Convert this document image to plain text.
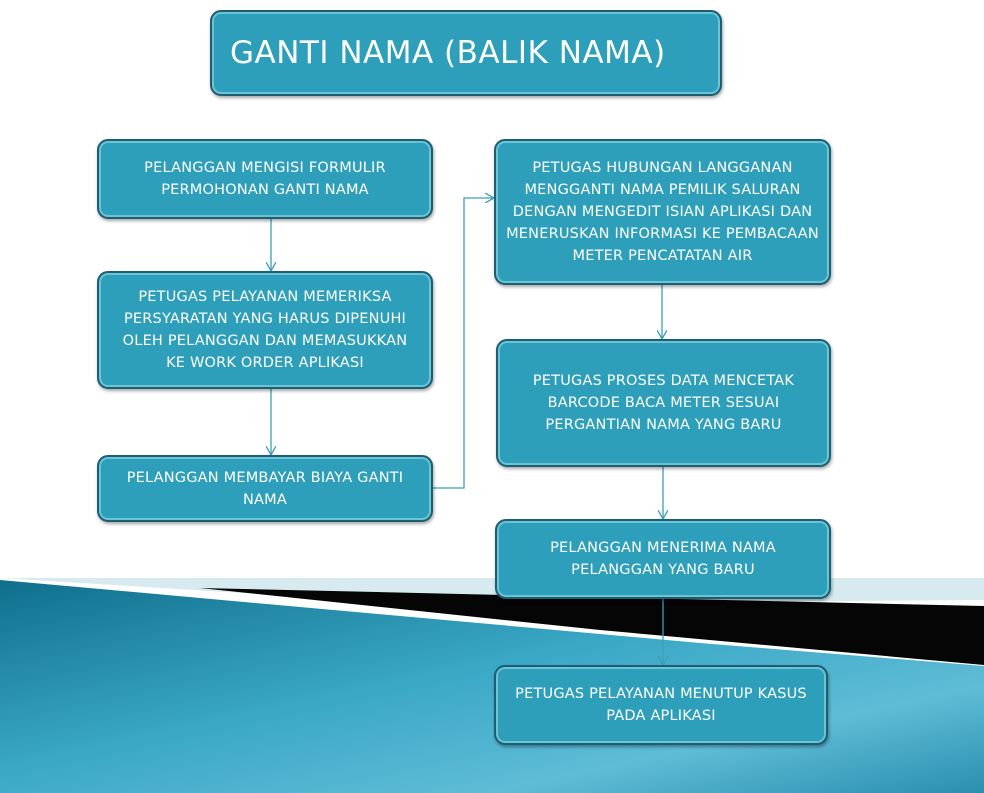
GANTI NAMA (BALIK NAMA)
PELANGGAN MENGISI FORMULIR PERMOHONAN GANTI NAMA
PETUGAS PELAYANAN MEMERIKSA PERSYARATAN YANG HARUS DIPENUHI OLEH PELANGGAN DAN MEMASUKKAN KE WORK ORDER APLIKASI
PELANGGAN MEMBAYAR BIAYA GANTI NAMA
PETUGAS HUBUNGAN LANGGANAN MENGGANTI NAMA PEMILIK SALURAN DENGAN MENGEDIT ISIAN APLIKASI DAN MENERUSKAN INFORMASI KE PEMBACAAN METER PENCATATAN AIR
PETUGAS PROSES DATA MENCETAK BARCODE BACA METER SESUAI PERGANTIAN NAMA YANG BARU
PELANGGAN MENERIMA NAMA PELANGGAN YANG BARU
PETUGAS PELAYANAN MENUTUP KASUS PADA APLIKASI
